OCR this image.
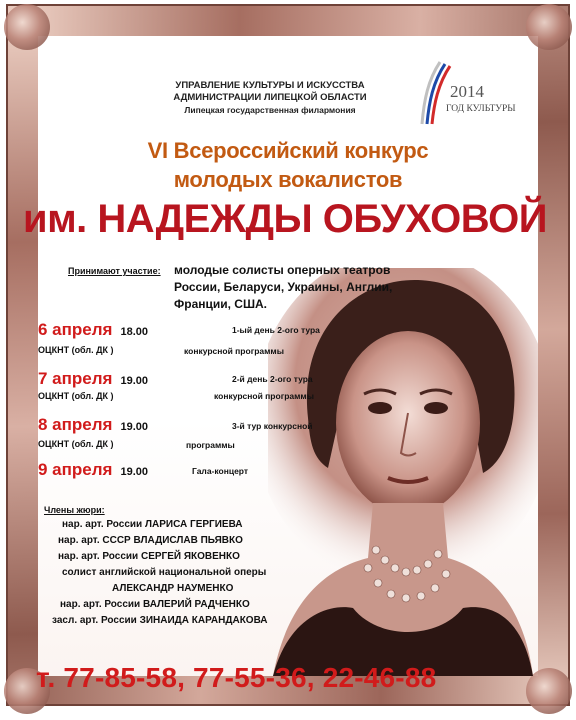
УПРАВЛЕНИЕ КУЛЬТУРЫ И ИСКУССТВА
АДМИНИСТРАЦИИ ЛИПЕЦКОЙ ОБЛАСТИ
Липецкая государственная филармония
2014
ГОД КУЛЬТУРЫ
VI Всероссийский конкурс
молодых вокалистов
им. НАДЕЖДЫ ОБУХОВОЙ
Принимают участие: молодые солисты оперных театров
России, Беларуси, Украины, Англии,
Франции, США.
6 апреля 18.00	1-ый день 2-ого тура
ОЦКНТ (обл. ДК )	конкурсной программы
7 апреля 19.00	2-й день 2-ого тура
ОЦКНТ (обл. ДК )	конкурсной программы
8 апреля 19.00	3-й тур конкурсной
ОЦКНТ (обл. ДК )	программы
9 апреля 19.00	Гала-концерт
Члены жюри:
нар. арт. России ЛАРИСА ГЕРГИЕВА
нар. арт. СССР ВЛАДИСЛАВ ПЬЯВКО
нар. арт. России СЕРГЕЙ ЯКОВЕНКО
солист английской национальной оперы
АЛЕКСАНДР НАУМЕНКО
нар. арт. России ВАЛЕРИЙ РАДЧЕНКО
засл. арт. России ЗИНАИДА КАРАНДАКОВА
т. 77-85-58, 77-55-36, 22-46-88
